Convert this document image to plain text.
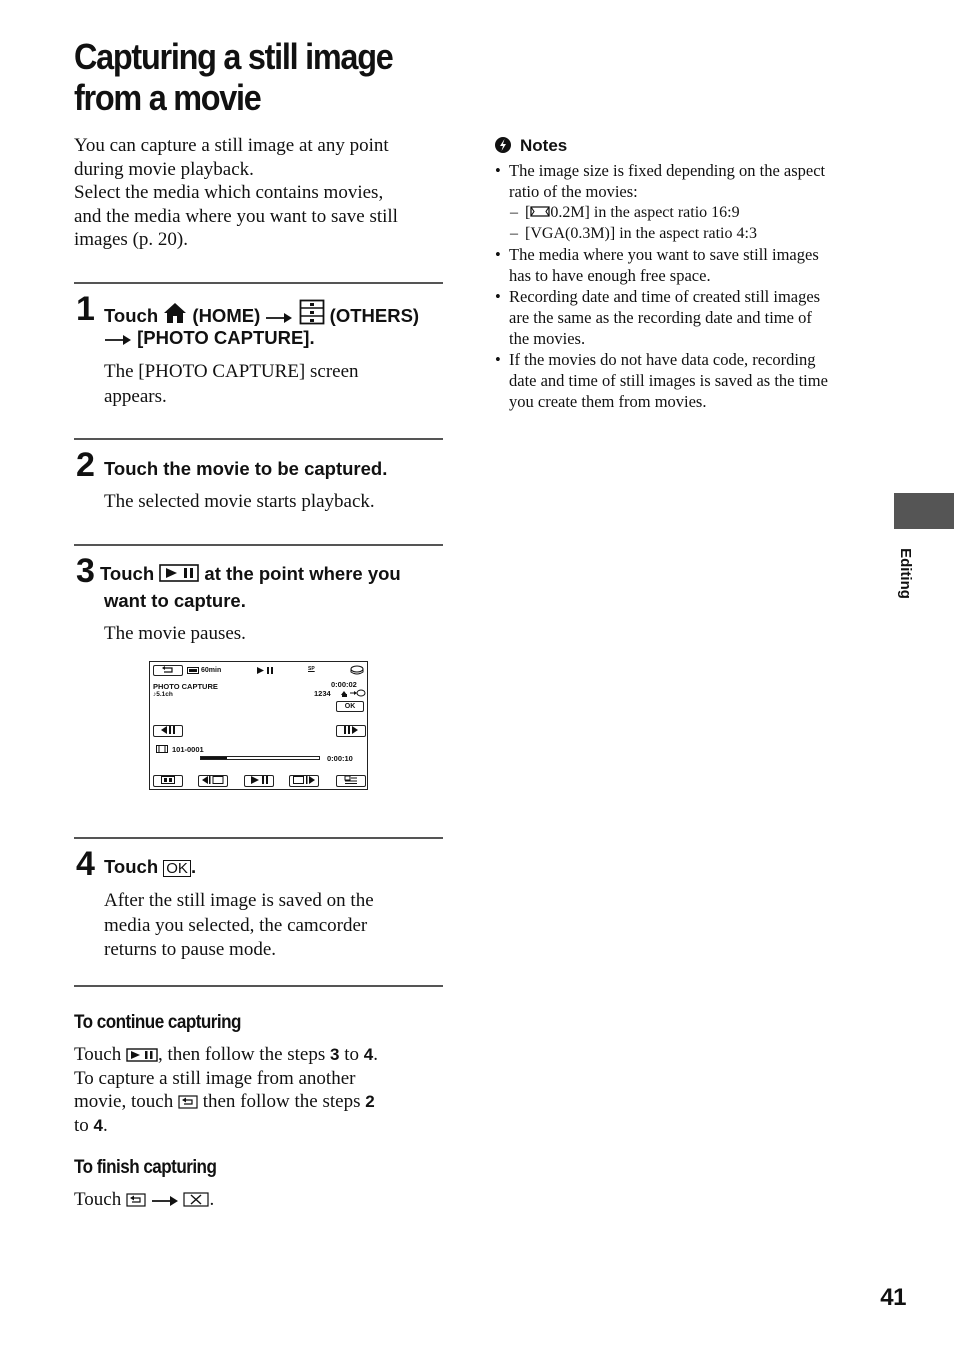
Capturing a still image
from a movie
You can capture a still image at any point
during movie playback.
Select the media which contains movies,
and the media where you want to save still
images (p. 20).
1 Touch (HOME)	(OTHERS)
[PHOTO CAPTURE].
The [PHOTO CAPTURE] screen
appears.
2 Touch the movie to be captured.
The selected movie starts playback.
3 Touch	at the point where you
want to capture.
The movie pauses.
60min	SP
PHOTO CAPTURE
♪5.1ch
0:00:02
1234
OK
101-0001
0:00:10
4 Touch OK .
After the still image is saved on the
media you selected, the camcorder
returns to pause mode.
To continue capturing
Touch , then follow the steps 3 to 4.
To capture a still image from another
movie, touch then follow the steps 2
to 4.
To finish capturing
Touch	.
Notes
• The image size is fixed depending on the aspect
ratio of the movies:
– [ 0.2M] in the aspect ratio 16:9
– [VGA(0.3M)] in the aspect ratio 4:3
• The media where you want to save still images
has to have enough free space.
• Recording date and time of created still images
are the same as the recording date and time of
the movies.
• If the movies do not have data code, recording
date and time of still images is saved as the time
you create them from movies.
Editing
41
